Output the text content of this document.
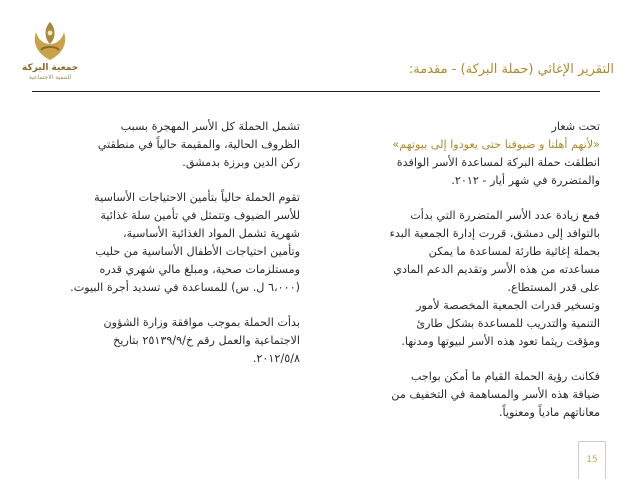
جمعية البركة
للتنمية الاجتماعية
التقرير الإغاثي (حملة البركة) - مقدمة:

تحت شعار
«لأنهم أهلنا و ضيوفنا حتى يعودوا إلى بيوتهم»
انطلقت حملة البركة لمساعدة الأسر الوافدة
والمتضررة في شهر أيار - ٢٠١٢.

فمع زيادة عدد الأسر المتضررة التي بدأت
بالتوافد إلى دمشق، قررت إدارة الجمعية البدء
بحملة إغاثية طارئة لمساعدة ما يمكن
مساعدته من هذه الأسر وتقديم الدعم المادي
على قدر المستطاع.
وتسخير قدرات الجمعية المخصصة لأمور
التنمية والتدريب للمساعدة بشكل طارئ
ومؤقت ريثما تعود هذه الأسر لبيوتها ومدنها.

فكانت رؤية الحملة القيام ما أمكن بواجب
ضيافة هذه الأسر والمساهمة في التخفيف من
معاناتهم مادياً ومعنوياً.

تشمل الحملة كل الأسر المهجرة بسبب
الظروف الحالية، والمقيمة حالياً في منطقتي
ركن الدين وبرزة بدمشق.

تقوم الحملة حالياً بتأمين الاحتياجات الأساسية
للأسر الضيوف وتتمثل في تأمين سلة غذائية
شهرية تشمل المواد الغذائية الأساسية،
وتأمين احتياجات الأطفال الأساسية من حليب
ومستلزمات صحية، ومبلغ مالي شهري قدره
(٦،٠٠٠ ل. س) للمساعدة في تسديد أجرة البيوت.

بدأت الحملة بموجب موافقة وزارة الشؤون
الاجتماعية والعمل رقم خ/٢٥١٣٩/٩ بتاريخ
٢٠١٢/٥/٨.

15
